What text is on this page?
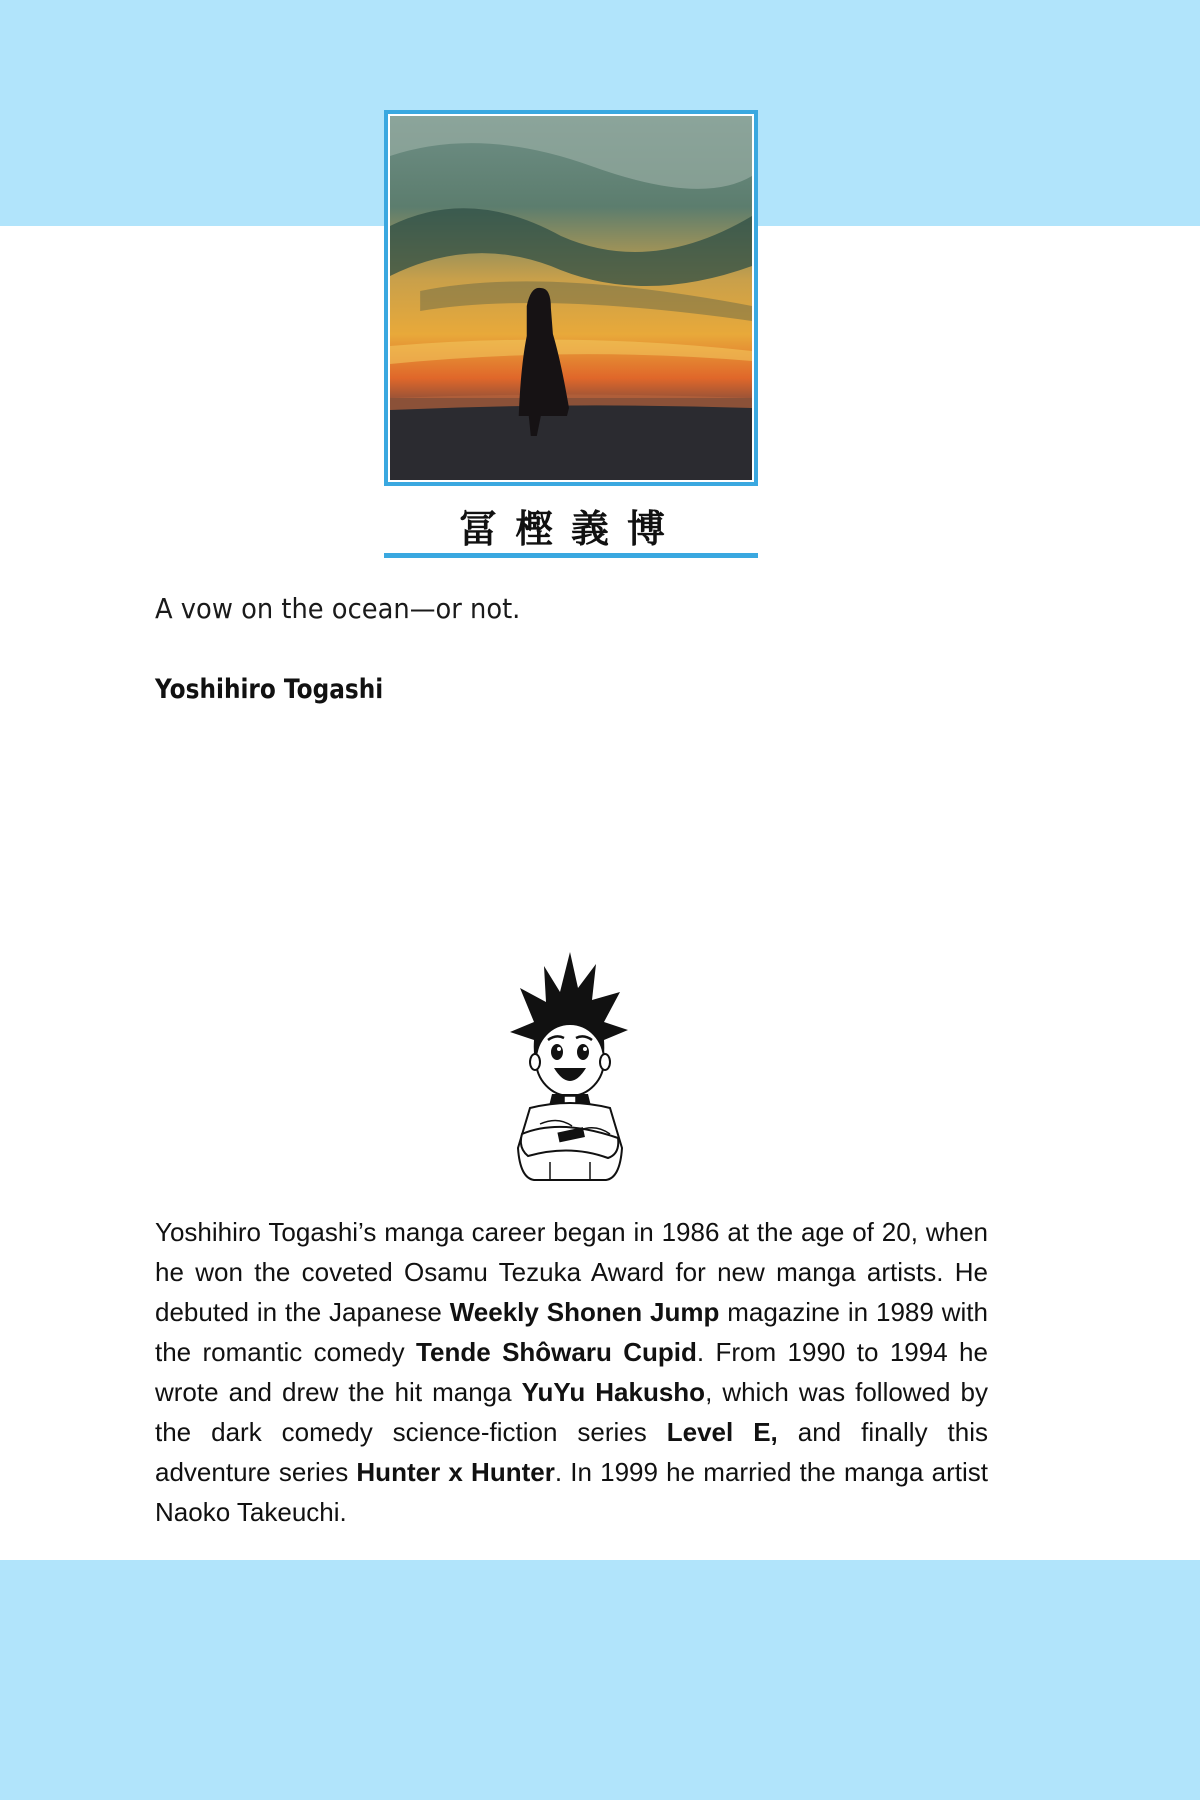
冨樫義博
A vow on the ocean—or not.
Yoshihiro Togashi

Yoshihiro Togashi’s manga career began in 1986 at the age of 20, when he won the coveted Osamu Tezuka Award for new manga artists. He debuted in the Japanese Weekly Shonen Jump magazine in 1989 with the romantic comedy Tende Shôwaru Cupid. From 1990 to 1994 he wrote and drew the hit manga YuYu Hakusho, which was followed by the dark comedy science-fiction series Level E, and finally this adventure series Hunter x Hunter. In 1999 he married the manga artist Naoko Takeuchi.
